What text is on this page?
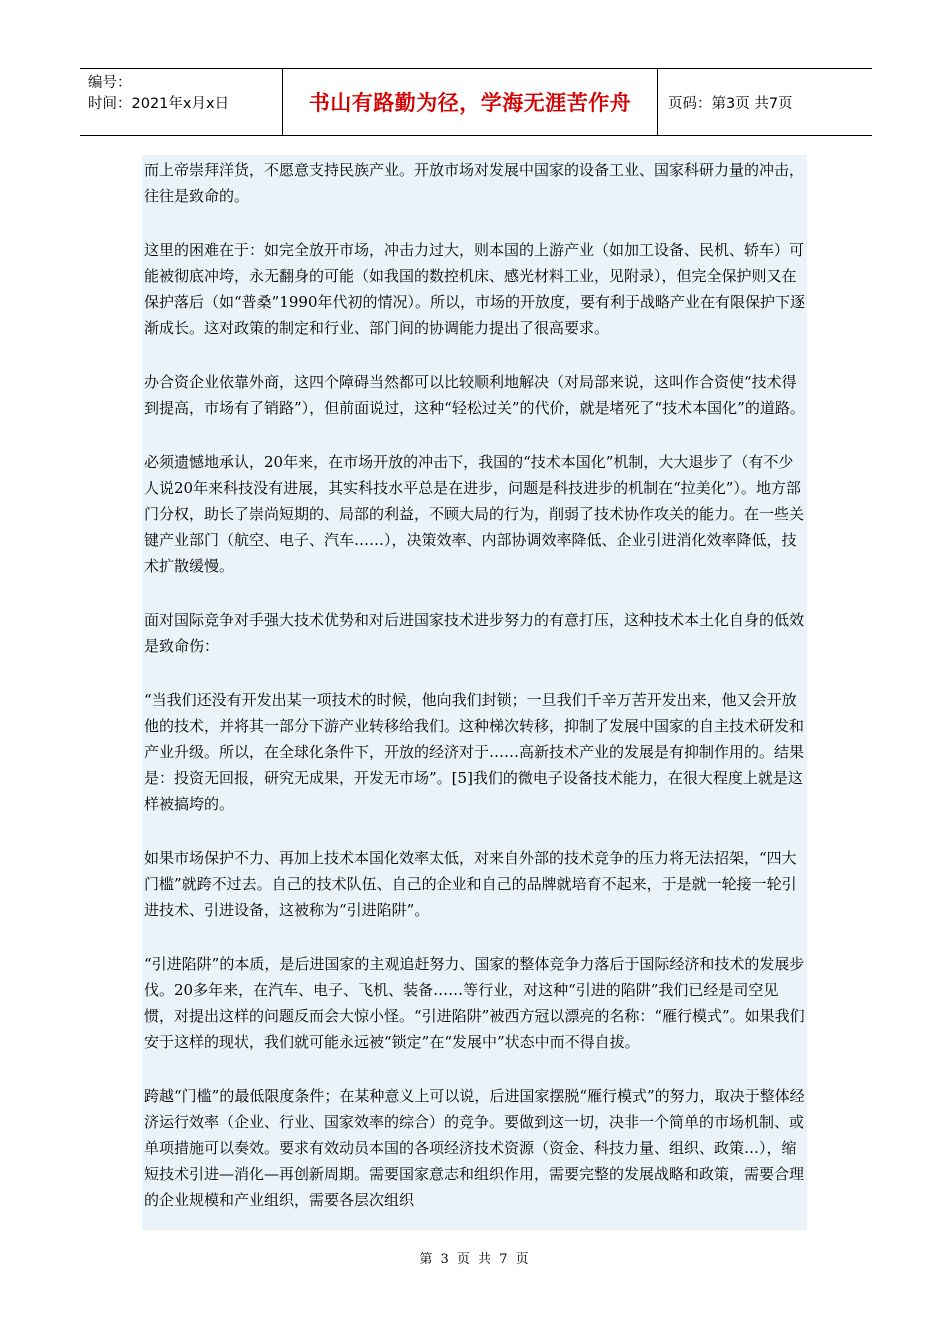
编号：
时间：2021年x月x日	书山有路勤为径，学海无涯苦作舟	页码：第3页 共7页

而上帝崇拜洋货，不愿意支持民族产业。开放市场对发展中国家的设备工业、国家科研力量的冲击，往往是致命的。

这里的困难在于：如完全放开市场，冲击力过大，则本国的上游产业（如加工设备、民机、轿车）可能被彻底冲垮，永无翻身的可能（如我国的数控机床、感光材料工业，见附录），但完全保护则又在保护落后（如“普桑”1990年代初的情况）。所以，市场的开放度，要有利于战略产业在有限保护下逐渐成长。这对政策的制定和行业、部门间的协调能力提出了很高要求。

办合资企业依靠外商，这四个障碍当然都可以比较顺利地解决（对局部来说，这叫作合资使“技术得到提高，市场有了销路”），但前面说过，这种“轻松过关”的代价，就是堵死了“技术本国化”的道路。

必须遗憾地承认，20年来，在市场开放的冲击下，我国的“技术本国化”机制，大大退步了（有不少人说20年来科技没有进展，其实科技水平总是在进步，问题是科技进步的机制在“拉美化”）。地方部门分权，助长了崇尚短期的、局部的利益，不顾大局的行为，削弱了技术协作攻关的能力。在一些关键产业部门（航空、电子、汽车……），决策效率、内部协调效率降低、企业引进消化效率降低，技术扩散缓慢。

面对国际竞争对手强大技术优势和对后进国家技术进步努力的有意打压，这种技术本土化自身的低效是致命伤：

“当我们还没有开发出某一项技术的时候，他向我们封锁；一旦我们千辛万苦开发出来，他又会开放他的技术，并将其一部分下游产业转移给我们。这种梯次转移，抑制了发展中国家的自主技术研发和产业升级。所以，在全球化条件下，开放的经济对于……高新技术产业的发展是有抑制作用的。结果是：投资无回报，研究无成果，开发无市场”。[5]我们的微电子设备技术能力，在很大程度上就是这样被搞垮的。

如果市场保护不力、再加上技术本国化效率太低，对来自外部的技术竞争的压力将无法招架，“四大门槛”就跨不过去。自己的技术队伍、自己的企业和自己的品牌就培育不起来，于是就一轮接一轮引进技术、引进设备，这被称为“引进陷阱”。

“引进陷阱”的本质，是后进国家的主观追赶努力、国家的整体竞争力落后于国际经济和技术的发展步伐。20多年来，在汽车、电子、飞机、装备……等行业，对这种“引进的陷阱”我们已经是司空见惯，对提出这样的问题反而会大惊小怪。“引进陷阱”被西方冠以漂亮的名称：“雁行模式”。如果我们安于这样的现状，我们就可能永远被“锁定”在“发展中”状态中而不得自拔。

跨越“门槛”的最低限度条件；在某种意义上可以说，后进国家摆脱“雁行模式”的努力，取决于整体经济运行效率（企业、行业、国家效率的综合）的竞争。要做到这一切，决非一个简单的市场机制、或单项措施可以奏效。要求有效动员本国的各项经济技术资源（资金、科技力量、组织、政策…），缩短技术引进—消化—再创新周期。需要国家意志和组织作用，需要完整的发展战略和政策，需要合理的企业规模和产业组织，需要各层次组织

第 3 页 共 7 页
